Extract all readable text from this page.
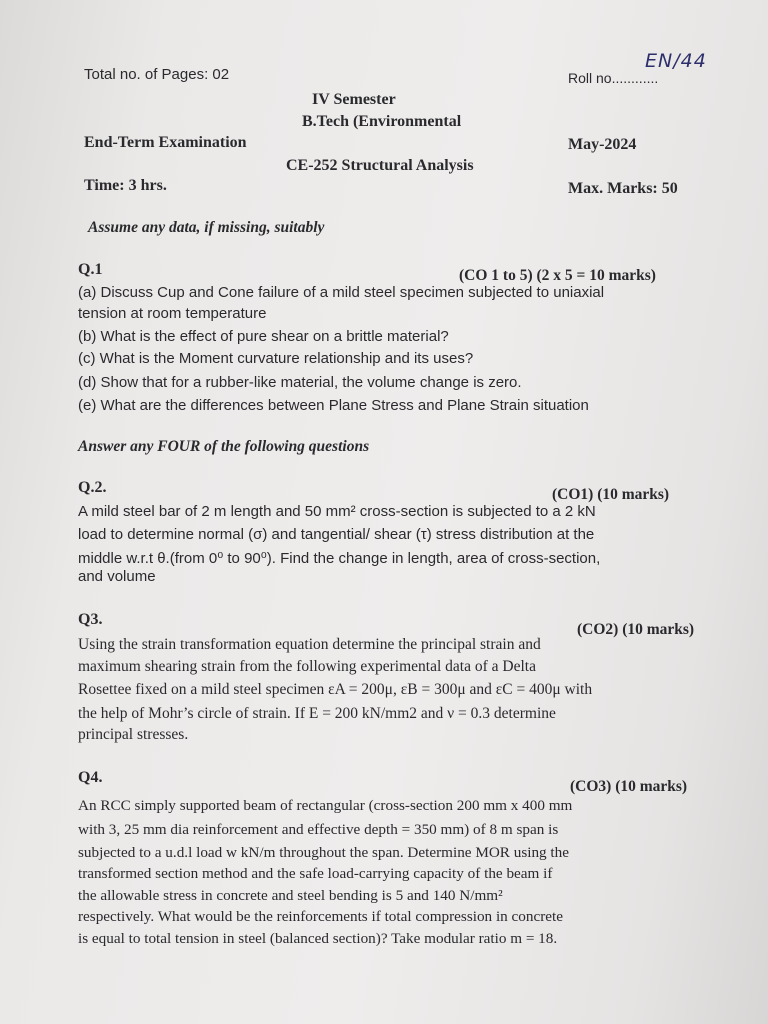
Total no. of Pages: 02	Roll no............
EN/44
IV Semester
B.Tech (Environmental
End-Term Examination	May-2024
CE-252 Structural Analysis
Time: 3 hrs.	Max. Marks: 50
Assume any data, if missing, suitably
Q.1	(CO 1 to 5) (2 x 5 = 10 marks)
(a) Discuss Cup and Cone failure of a mild steel specimen subjected to uniaxial
tension at room temperature
(b) What is the effect of pure shear on a brittle material?
(c) What is the Moment curvature relationship and its uses?
(d) Show that for a rubber-like material, the volume change is zero.
(e) What are the differences between Plane Stress and Plane Strain situation
Answer any FOUR of the following questions
Q.2.	(CO1) (10 marks)
A mild steel bar of 2 m length and 50 mm² cross-section is subjected to a 2 kN
load to determine normal (σ) and tangential/ shear (τ) stress distribution at the
middle w.r.t θ.(from 0⁰ to 90⁰). Find the change in length, area of cross-section,
and volume
Q3.
(CO2) (10 marks)
Using the strain transformation equation determine the principal strain and
maximum shearing strain from the following experimental data of a Delta
Rosettee fixed on a mild steel specimen εA = 200μ, εB = 300μ and εC = 400μ with
the help of Mohr’s circle of strain. If E = 200 kN/mm2 and ν = 0.3 determine
principal stresses.
Q4.
(CO3) (10 marks)
An RCC simply supported beam of rectangular (cross-section 200 mm x 400 mm
with 3, 25 mm dia reinforcement and effective depth = 350 mm) of 8 m span is
subjected to a u.d.l load w kN/m throughout the span. Determine MOR using the
transformed section method and the safe load-carrying capacity of the beam if
the allowable stress in concrete and steel bending is 5 and 140 N/mm²
respectively. What would be the reinforcements if total compression in concrete
is equal to total tension in steel (balanced section)? Take modular ratio m = 18.
